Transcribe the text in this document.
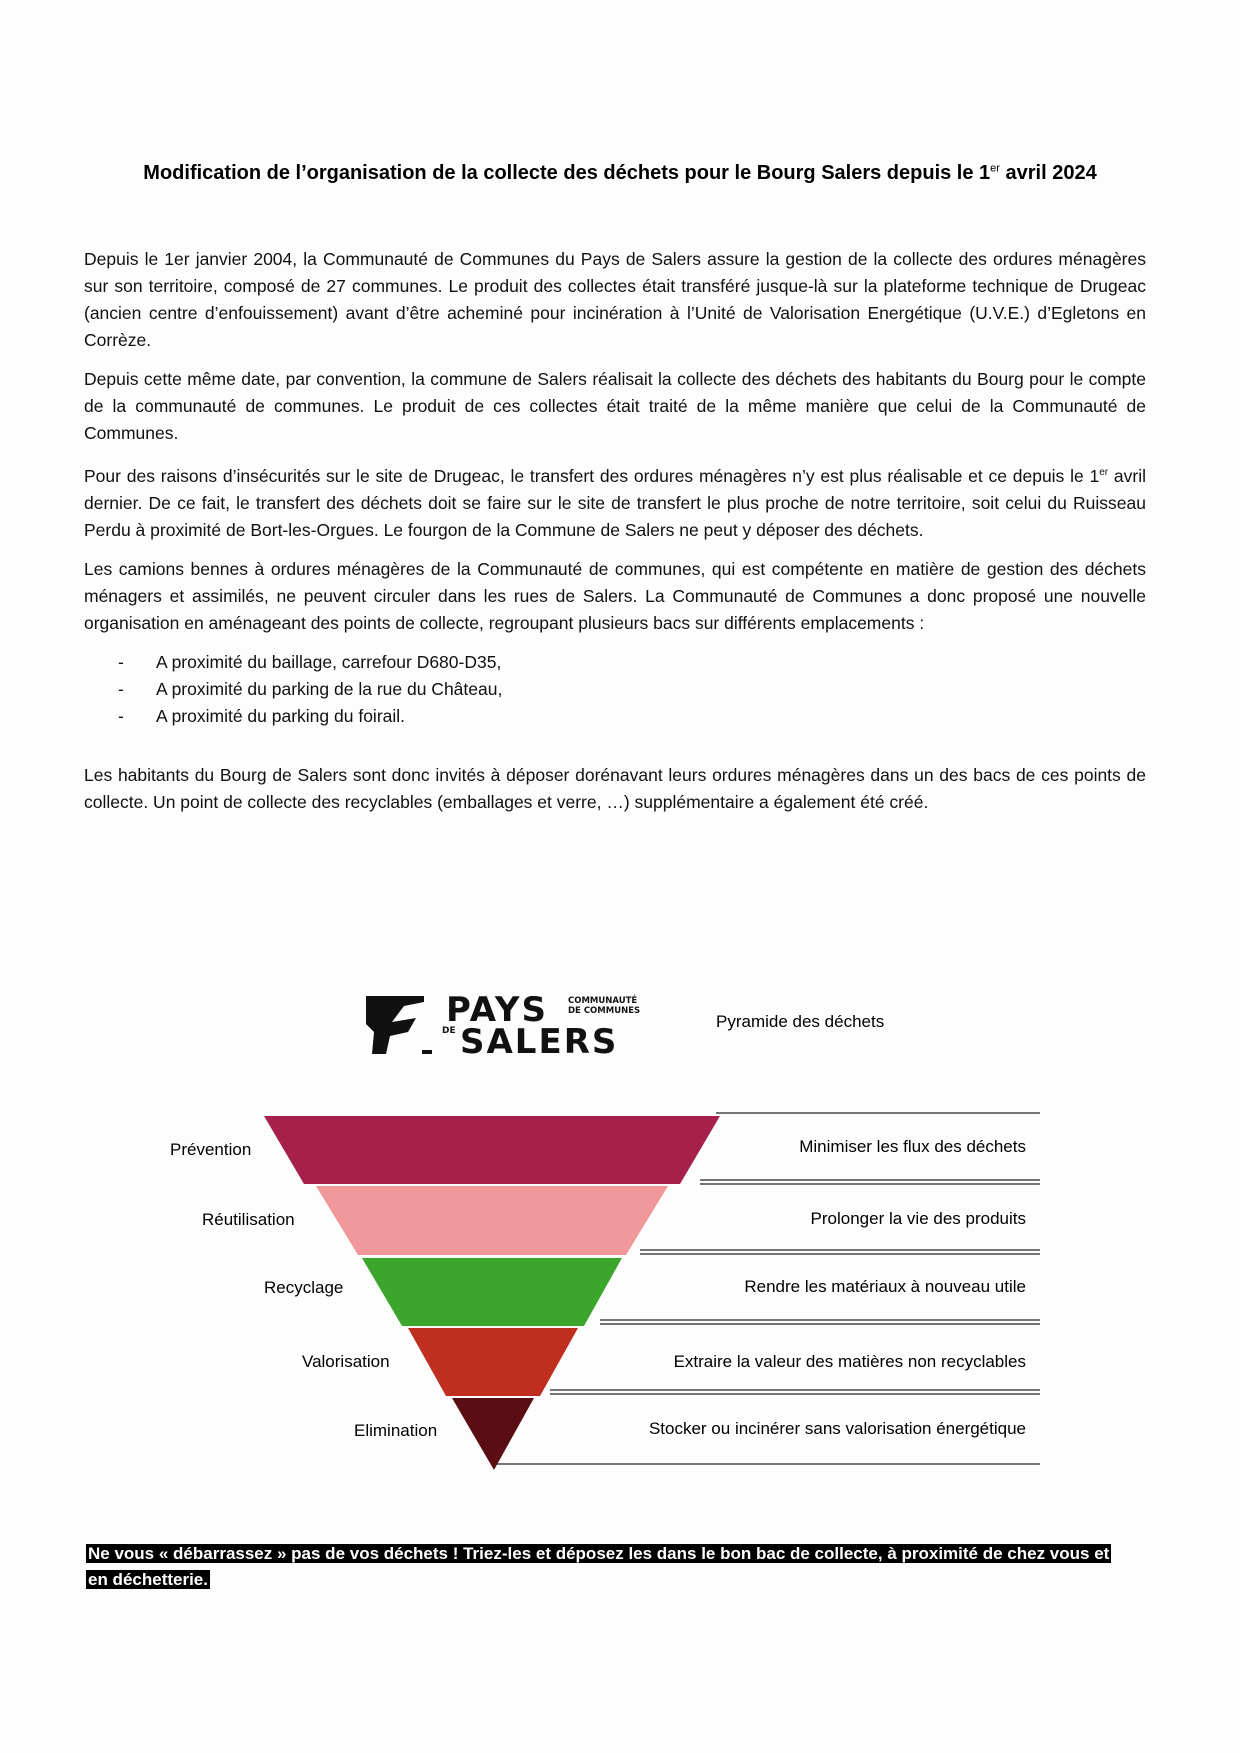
Modification de l’organisation de la collecte des déchets pour le Bourg Salers depuis le 1er avril 2024

Depuis le 1er janvier 2004, la Communauté de Communes du Pays de Salers assure la gestion de la collecte des ordures ménagères sur son territoire, composé de 27 communes. Le produit des collectes était transféré jusque-là sur la plateforme technique de Drugeac (ancien centre d’enfouissement) avant d’être acheminé pour incinération à l’Unité de Valorisation Energétique (U.V.E.) d’Egletons en Corrèze.

Depuis cette même date, par convention, la commune de Salers réalisait la collecte des déchets des habitants du Bourg pour le compte de la communauté de communes. Le produit de ces collectes était traité de la même manière que celui de la Communauté de Communes.

Pour des raisons d’insécurités sur le site de Drugeac, le transfert des ordures ménagères n’y est plus réalisable et ce depuis le 1er avril dernier. De ce fait, le transfert des déchets doit se faire sur le site de transfert le plus proche de notre territoire, soit celui du Ruisseau Perdu à proximité de Bort-les-Orgues. Le fourgon de la Commune de Salers ne peut y déposer des déchets.

Les camions bennes à ordures ménagères de la Communauté de communes, qui est compétente en matière de gestion des déchets ménagers et assimilés, ne peuvent circuler dans les rues de Salers. La Communauté de Communes a donc proposé une nouvelle organisation en aménageant des points de collecte, regroupant plusieurs bacs sur différents emplacements :

- A proximité du baillage, carrefour D680-D35,
- A proximité du parking de la rue du Château,
- A proximité du parking du foirail.

Les habitants du Bourg de Salers sont donc invités à déposer dorénavant leurs ordures ménagères dans un des bacs de ces points de collecte. Un point de collecte des recyclables (emballages et verre, …) supplémentaire a également été créé.

PAYS COMMUNAUTÉ
DE COMMUNES
DE SALERS
Pyramide des déchets
Prévention
Réutilisation
Recyclage
Valorisation
Elimination
Minimiser les flux des déchets
Prolonger la vie des produits
Rendre les matériaux à nouveau utile
Extraire la valeur des matières non recyclables
Stocker ou incinérer sans valorisation énergétique
Ne vous « débarrassez » pas de vos déchets ! Triez-les et déposez les dans le bon bac de collecte, à proximité de chez vous et en déchetterie.
